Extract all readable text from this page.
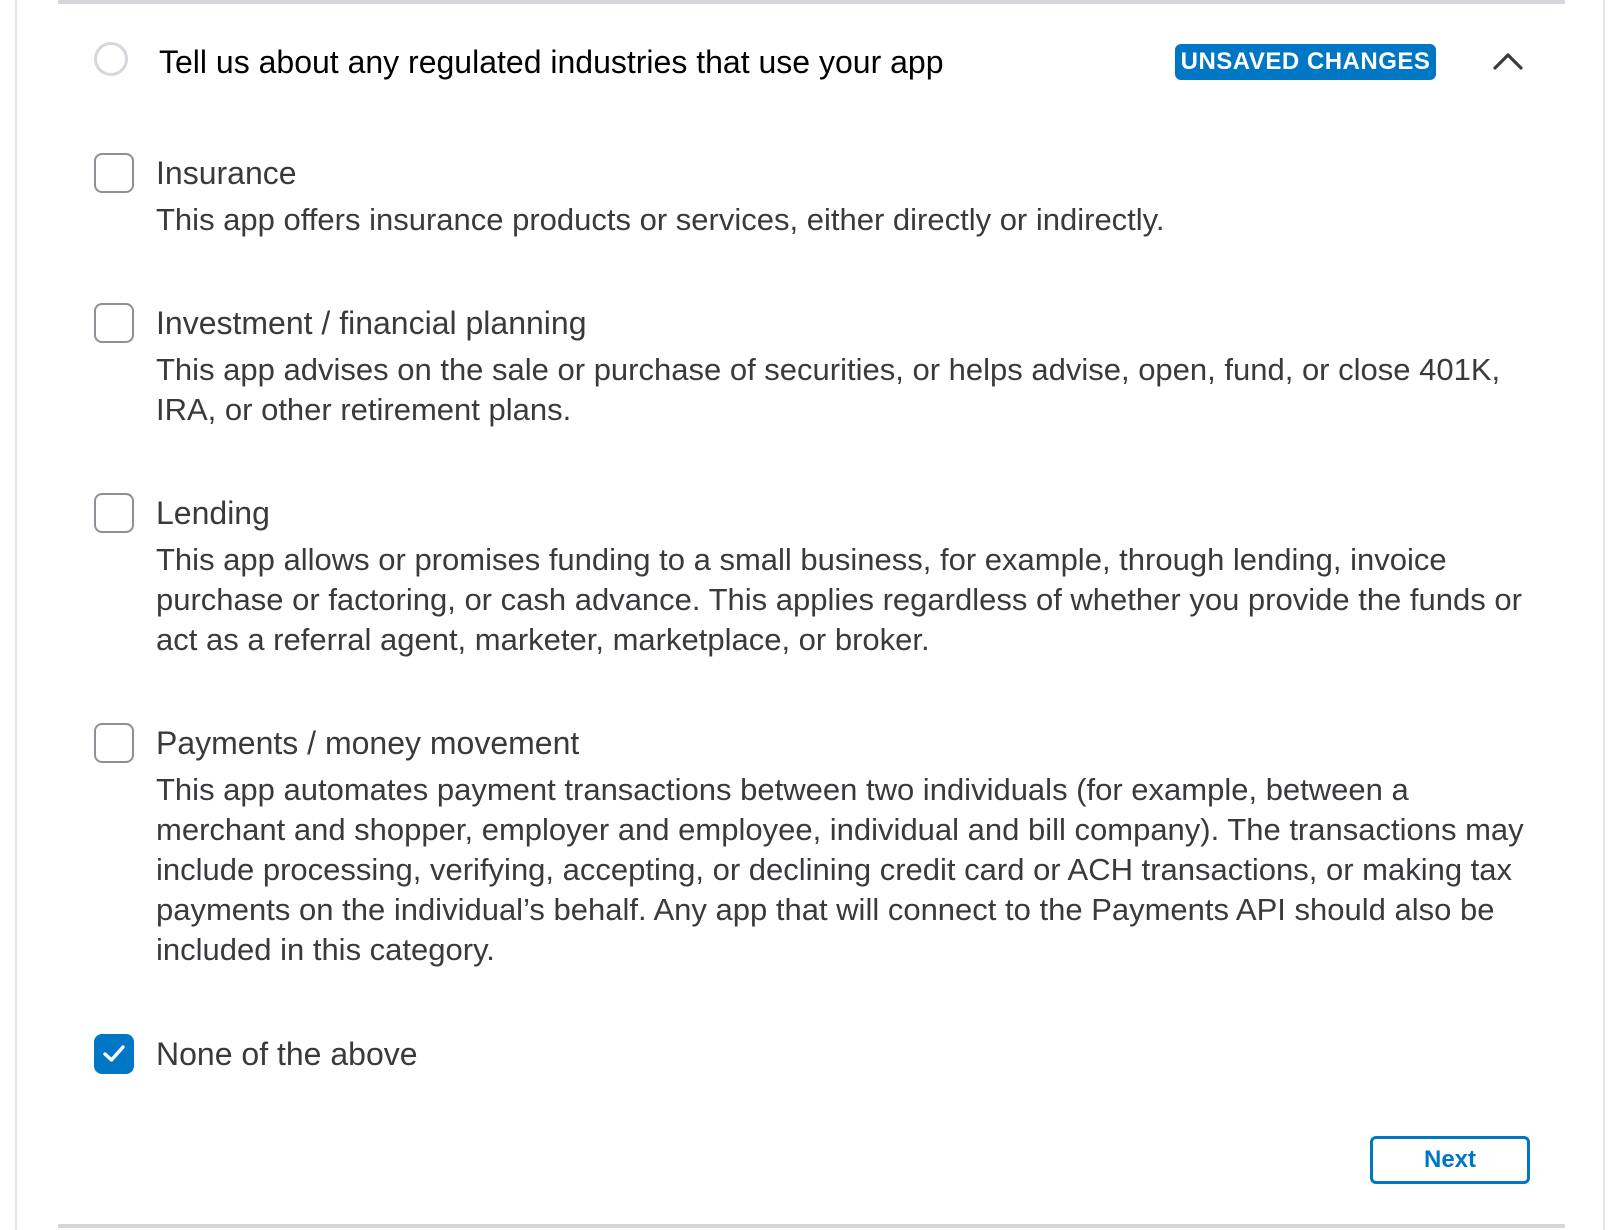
Tell us about any regulated industries that use your app	UNSAVED CHANGES
Insurance
This app offers insurance products or services, either directly or indirectly.
Investment / financial planning
This app advises on the sale or purchase of securities, or helps advise, open, fund, or close 401K, IRA, or other retirement plans.
Lending
This app allows or promises funding to a small business, for example, through lending, invoice purchase or factoring, or cash advance. This applies regardless of whether you provide the funds or act as a referral agent, marketer, marketplace, or broker.
Payments / money movement
This app automates payment transactions between two individuals (for example, between a merchant and shopper, employer and employee, individual and bill company). The transactions may include processing, verifying, accepting, or declining credit card or ACH transactions, or making tax payments on the individual’s behalf. Any app that will connect to the Payments API should also be included in this category.
None of the above
Next
